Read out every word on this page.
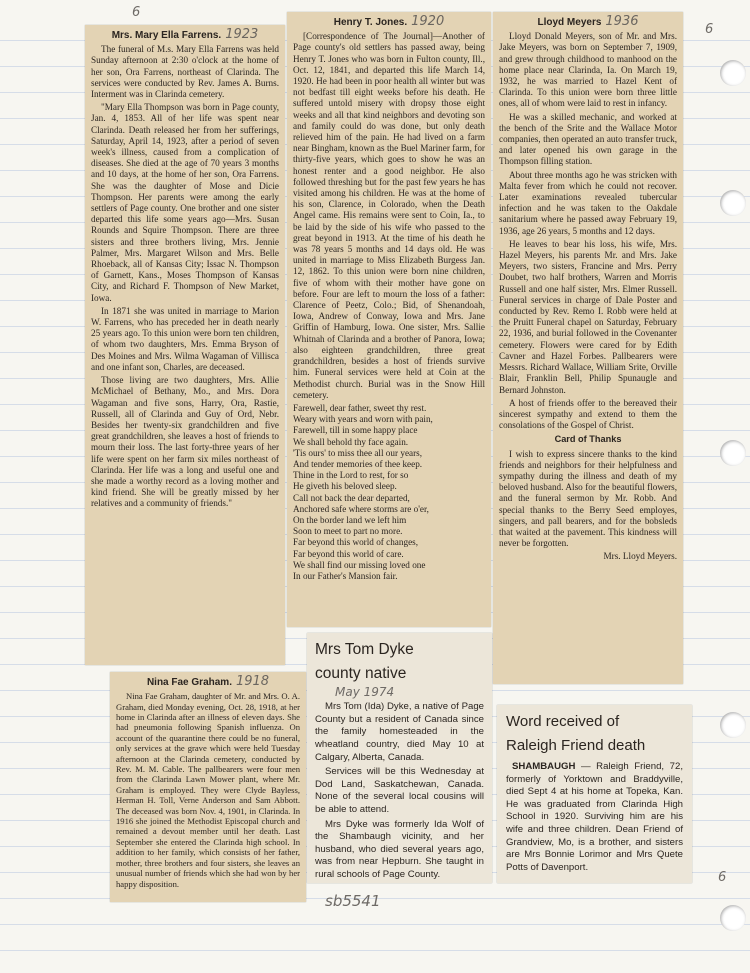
6
6
sb5541
6
Mrs. Mary Ella Farrens. 1923

The funeral of M.s. Mary Ella Farrens was held Sunday afternoon at 2:30 o'clock at the home of her son, Ora Farrens, northeast of Clarinda. The services were conducted by Rev. James A. Burns. Interment was in Clarinda cemetery.

"Mary Ella Thompson was born in Page county, Jan. 4, 1853. All of her life was spent near Clarinda. Death released her from her sufferings, Saturday, April 14, 1923, after a period of seven week's illness, caused from a complication of diseases. She died at the age of 70 years 3 months and 10 days, at the home of her son, Ora Farrens. She was the daughter of Mose and Dicie Thompson. Her parents were among the early settlers of Page county. One brother and one sister departed this life some years ago—Mrs. Susan Rounds and Squire Thompson. There are three sisters and three brothers living, Mrs. Jennie Palmer, Mrs. Margaret Wilson and Mrs. Belle Rhoeback, all of Kansas City; Issac N. Thompson of Garnett, Kans., Moses Thompson of Kansas City, and Richard F. Thompson of New Market, Iowa.

In 1871 she was united in marriage to Marion W. Farrens, who has preceded her in death nearly 25 years ago. To this union were born ten children, of whom two daughters, Mrs. Emma Bryson of Des Moines and Mrs. Wilma Wagaman of Villisca and one infant son, Charles, are deceased.

Those living are two daughters, Mrs. Allie McMichael of Bethany, Mo., and Mrs. Dora Wagaman and five sons, Harry, Ora, Rastie, Russell, all of Clarinda and Guy of Ord, Nebr. Besides her twenty-six grandchildren and five great grandchildren, she leaves a host of friends to mourn their loss. The last forty-three years of her life were spent on her farm six miles northeast of Clarinda. Her life was a long and useful one and she made a worthy record as a loving mother and kind friend. She will be greatly missed by her relatives and a community of friends."

Henry T. Jones. 1920

[Correspondence of The Journal]—Another of Page county's old settlers has passed away, being Henry T. Jones who was born in Fulton county, Ill., Oct. 12, 1841, and departed this life March 14, 1920. He had been in poor health all winter but was not bedfast till eight weeks before his death. He suffered untold misery with dropsy those eight weeks and all that kind neighbors and devoting son and family could do was done, but only death relieved him of the pain. He had lived on a farm near Bingham, known as the Buel Mariner farm, for thirty-five years, which goes to show he was an honest renter and a good neighbor. He also followed threshing but for the past few years he has visited among his children. He was at the home of his son, Clarence, in Colorado, when the Death Angel came. His remains were sent to Coin, Ia., to be laid by the side of his wife who passed to the great beyond in 1913. At the time of his death he was 78 years 5 months and 14 days old. He was united in marriage to Miss Elizabeth Burgess Jan. 12, 1862. To this union were born nine children, five of whom with their mother have gone on before. Four are left to mourn the loss of a father: Clarence of Peetz, Colo.; Bid, of Shenandoah, Iowa, Andrew of Conway, Iowa and Mrs. Jane Griffin of Hamburg, Iowa. One sister, Mrs. Sallie Whitnah of Clarinda and a brother of Panora, Iowa; also eighteen grandchildren, three great grandchildren, besides a host of friends survive him. Funeral services were held at Coin at the Methodist church. Burial was in the Snow Hill cemetery.

Farewell, dear father, sweet thy rest.
Weary with years and worn with pain,
Farewell, till in some happy place
We shall behold thy face again.
'Tis ours' to miss thee all our years,
And tender memories of thee keep.
Thine in the Lord to rest, for so
He giveth his beloved sleep.
Call not back the dear departed,
Anchored safe where storms are o'er,
On the border land we left him
Soon to meet to part no more.
Far beyond this world of changes,
Far beyond this world of care.
We shall find our missing loved one
In our Father's Mansion fair.

Lloyd Meyers 1936

Lloyd Donald Meyers, son of Mr. and Mrs. Jake Meyers, was born on September 7, 1909, and grew through childhood to manhood on the home place near Clarinda, Ia. On March 19, 1932, he was married to Hazel Kent of Clarinda. To this union were born three little ones, all of whom were laid to rest in infancy.

He was a skilled mechanic, and worked at the bench of the Srite and the Wallace Motor companies, then operated an auto transfer truck, and later opened his own garage in the Thompson filling station.

About three months ago he was stricken with Malta fever from which he could not recover. Later examinations revealed tubercular infection and he was taken to the Oakdale sanitarium where he passed away February 19, 1936, age 26 years, 5 months and 12 days.

He leaves to bear his loss, his wife, Mrs. Hazel Meyers, his parents Mr. and Mrs. Jake Meyers, two sisters, Francine and Mrs. Perry Doubet, two half brothers, Warren and Morris Russell and one half sister, Mrs. Elmer Russell. Funeral services in charge of Dale Poster and conducted by Rev. Remo I. Robb were held at the Pruitt Funeral chapel on Saturday, February 22, 1936, and burial followed in the Covenanter cemetery. Flowers were cared for by Edith Cavner and Hazel Forbes. Pallbearers were Messrs. Richard Wallace, William Srite, Orville Blair, Franklin Bell, Philip Spunaugle and Bernard Johnston.

A host of friends offer to the bereaved their sincerest sympathy and extend to them the consolations of the Gospel of Christ.

Card of Thanks

I wish to express sincere thanks to the kind friends and neighbors for their helpfulness and sympathy during the illness and death of my beloved husband. Also for the beautiful flowers, and the funeral sermon by Mr. Robb. And special thanks to the Berry Seed employes, singers, and pall bearers, and for the bobsleds that waited at the pavement. This kindness will never be forgotten.

Mrs. Lloyd Meyers.

Nina Fae Graham. 1918

Nina Fae Graham, daughter of Mr. and Mrs. O. A. Graham, died Monday evening, Oct. 28, 1918, at her home in Clarinda after an illness of eleven days. She had pneumonia following Spanish influenza. On account of the quarantine there could be no funeral, only services at the grave which were held Tuesday afternoon at the Clarinda cemetery, conducted by Rev. M. M. Cable. The pallbearers were four men from the Clarinda Lawn Mower plant, where Mr. Graham is employed. They were Clyde Bayless, Herman H. Toll, Verne Anderson and Sam Abbott. The deceased was born Nov. 4, 1901, in Clarinda. In 1916 she joined the Methodist Episcopal church and remained a devout member until her death. Last September she entered the Clarinda high school. In addition to her family, which consists of her father, mother, three brothers and four sisters, she leaves an unusual number of friends which she had won by her happy disposition.

Mrs Tom Dyke
county native
May 1974

Mrs Tom (Ida) Dyke, a native of Page County but a resident of Canada since the family homesteaded in the wheatland country, died May 10 at Calgary, Alberta, Canada.

Services will be this Wednesday at Dod Land, Saskatchewan, Canada. None of the several local cousins will be able to attend.

Mrs Dyke was formerly Ida Wolf of the Shambaugh vicinity, and her husband, who died several years ago, was from near Hepburn. She taught in rural schools of Page County.

Word received of
Raleigh Friend death

SHAMBAUGH — Raleigh Friend, 72, formerly of Yorktown and Braddyville, died Sept 4 at his home at Topeka, Kan. He was graduated from Clarinda High School in 1920. Surviving him are his wife and three children. Dean Friend of Grandview, Mo, is a brother, and sisters are Mrs Bonnie Lorimor and Mrs Quete Potts of Davenport.
